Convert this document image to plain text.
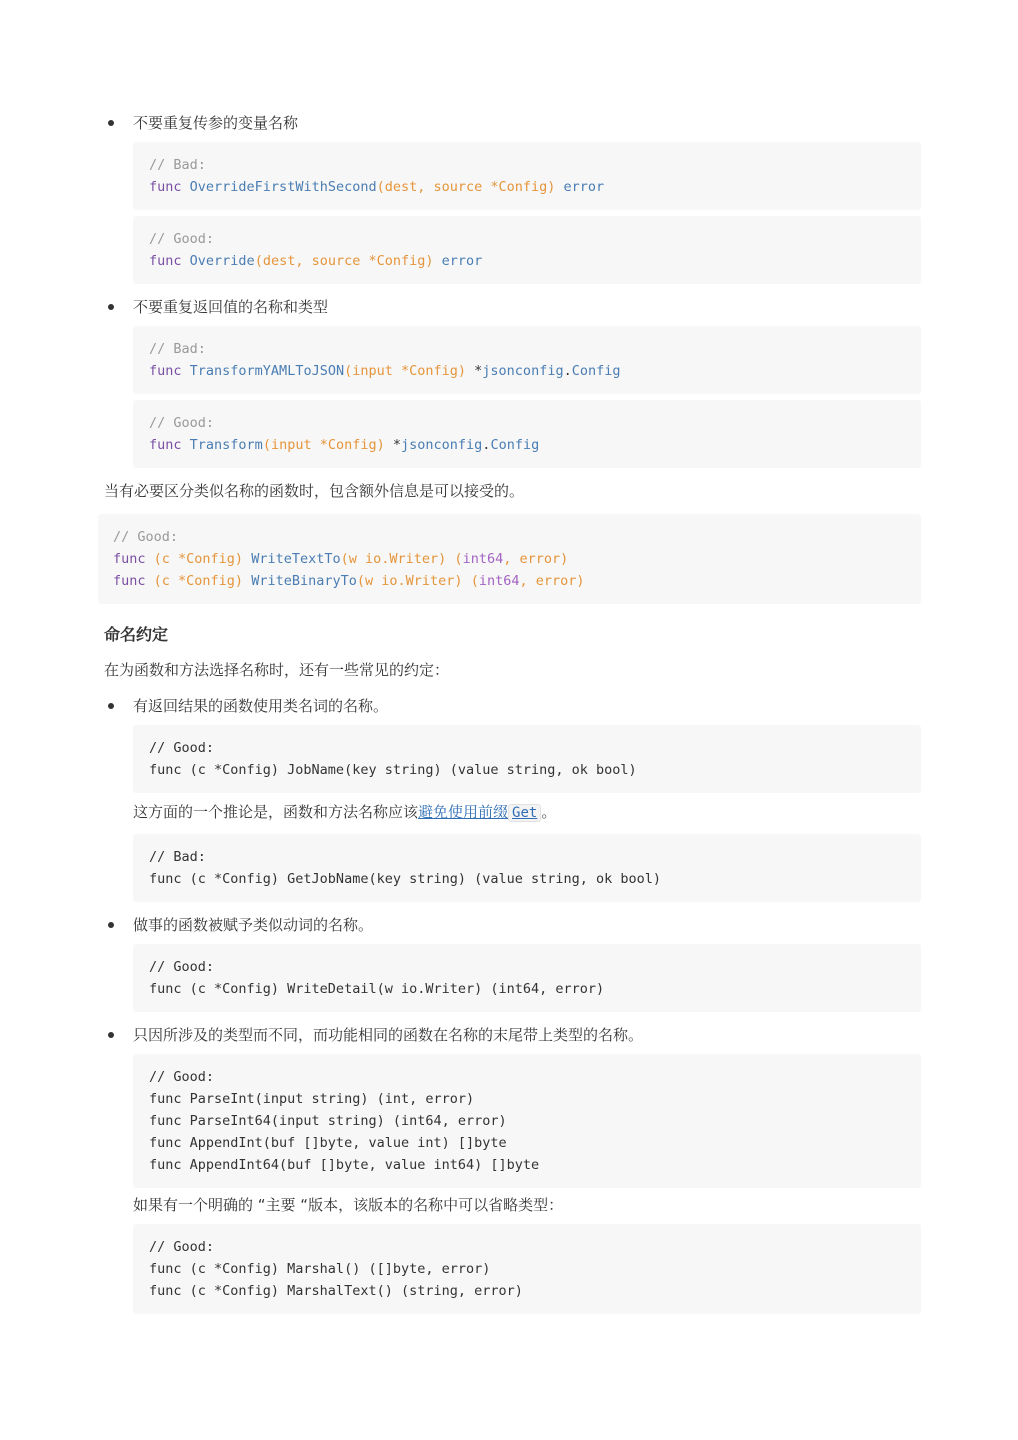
不要重复传参的变量名称

// Bad:
func OverrideFirstWithSecond(dest, source *Config) error
// Good:
func Override(dest, source *Config) error

不要重复返回值的名称和类型

// Bad:
func TransformYAMLToJSON(input *Config) *jsonconfig.Config
// Good:
func Transform(input *Config) *jsonconfig.Config

当有必要区分类似名称的函数时，包含额外信息是可以接受的。

// Good:
func (c *Config) WriteTextTo(w io.Writer) (int64, error)
func (c *Config) WriteBinaryTo(w io.Writer) (int64, error)

命名约定

在为函数和方法选择名称时，还有一些常见的约定：

有返回结果的函数使用类名词的名称。

// Good:
func (c *Config) JobName(key string) (value string, ok bool)

这方面的一个推论是，函数和方法名称应该避免使用前缀 Get 。

// Bad:
func (c *Config) GetJobName(key string) (value string, ok bool)

做事的函数被赋予类似动词的名称。

// Good:
func (c *Config) WriteDetail(w io.Writer) (int64, error)

只因所涉及的类型而不同，而功能相同的函数在名称的末尾带上类型的名称。

// Good:
func ParseInt(input string) (int, error)
func ParseInt64(input string) (int64, error)
func AppendInt(buf []byte, value int) []byte
func AppendInt64(buf []byte, value int64) []byte

如果有一个明确的 “主要 “版本，该版本的名称中可以省略类型：

// Good:
func (c *Config) Marshal() ([]byte, error)
func (c *Config) MarshalText() (string, error)
